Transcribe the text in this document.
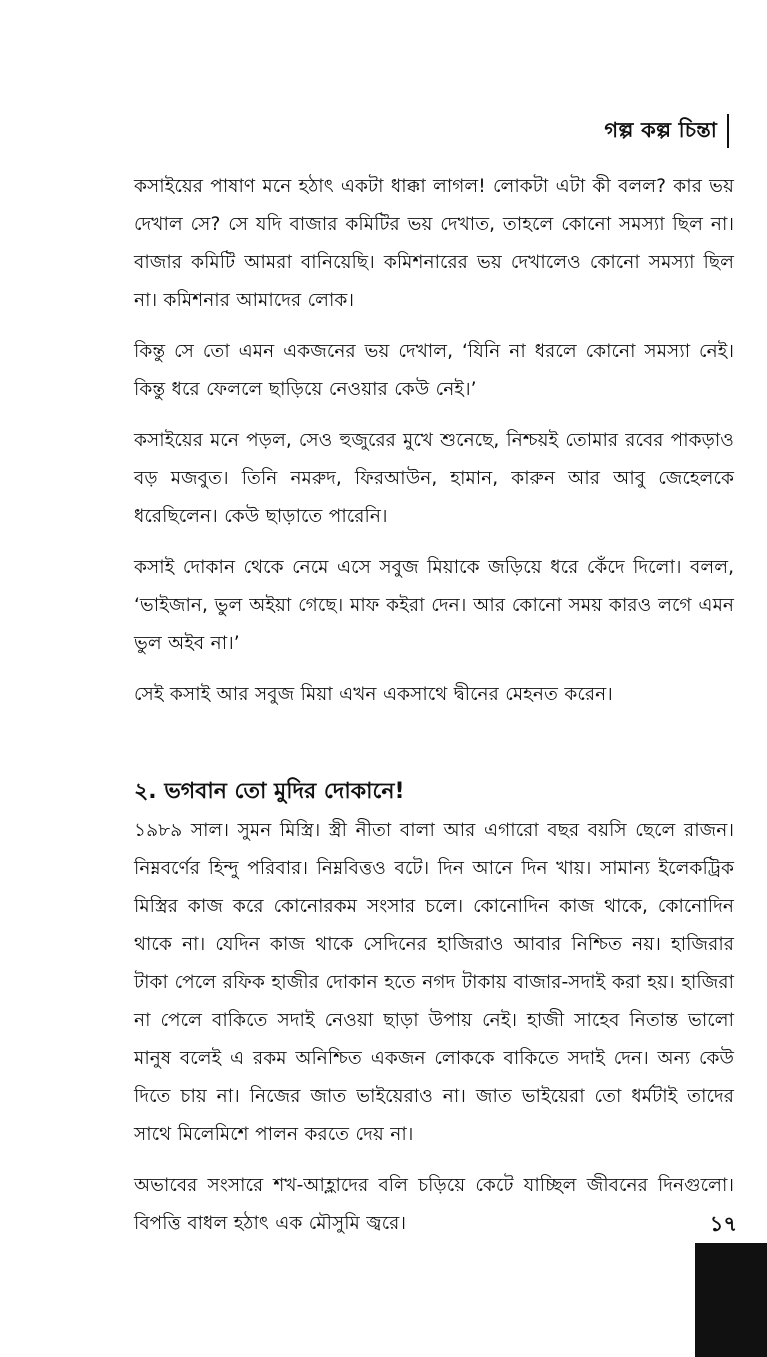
গল্প কল্প চিন্তা

কসাইয়ের পাষাণ মনে হঠাৎ একটা ধাক্কা লাগল! লোকটা এটা কী বলল? কার ভয় দেখাল সে? সে যদি বাজার কমিটির ভয় দেখাত, তাহলে কোনো সমস্যা ছিল না। বাজার কমিটি আমরা বানিয়েছি। কমিশনারের ভয় দেখালেও কোনো সমস্যা ছিল না। কমিশনার আমাদের লোক।

কিন্তু সে তো এমন একজনের ভয় দেখাল, ‘যিনি না ধরলে কোনো সমস্যা নেই। কিন্তু ধরে ফেললে ছাড়িয়ে নেওয়ার কেউ নেই।’

কসাইয়ের মনে পড়ল, সেও হুজুরের মুখে শুনেছে, নিশ্চয়ই তোমার রবের পাকড়াও বড় মজবুত। তিনি নমরুদ, ফিরআউন, হামান, কারুন আর আবু জেহেলকে ধরেছিলেন। কেউ ছাড়াতে পারেনি।

কসাই দোকান থেকে নেমে এসে সবুজ মিয়াকে জড়িয়ে ধরে কেঁদে দিলো। বলল, ‘ভাইজান, ভুল অইয়া গেছে। মাফ কইরা দেন। আর কোনো সময় কারও লগে এমন ভুল অইব না।’

সেই কসাই আর সবুজ মিয়া এখন একসাথে দ্বীনের মেহনত করেন।

২. ভগবান তো মুদির দোকানে!

১৯৮৯ সাল। সুমন মিস্ত্রি। স্ত্রী নীতা বালা আর এগারো বছর বয়সি ছেলে রাজন। নিম্নবর্ণের হিন্দু পরিবার। নিম্নবিত্তও বটে। দিন আনে দিন খায়। সামান্য ইলেকট্রিক মিস্ত্রির কাজ করে কোনোরকম সংসার চলে। কোনোদিন কাজ থাকে, কোনোদিন থাকে না। যেদিন কাজ থাকে সেদিনের হাজিরাও আবার নিশ্চিত নয়। হাজিরার টাকা পেলে রফিক হাজীর দোকান হতে নগদ টাকায় বাজার-সদাই করা হয়। হাজিরা না পেলে বাকিতে সদাই নেওয়া ছাড়া উপায় নেই। হাজী সাহেব নিতান্ত ভালো মানুষ বলেই এ রকম অনিশ্চিত একজন লোককে বাকিতে সদাই দেন। অন্য কেউ দিতে চায় না। নিজের জাত ভাইয়েরাও না। জাত ভাইয়েরা তো ধর্মটাই তাদের সাথে মিলেমিশে পালন করতে দেয় না।

অভাবের সংসারে শখ-আহ্লাদের বলি চড়িয়ে কেটে যাচ্ছিল জীবনের দিনগুলো। বিপত্তি বাধল হঠাৎ এক মৌসুমি জ্বরে।	১৭
